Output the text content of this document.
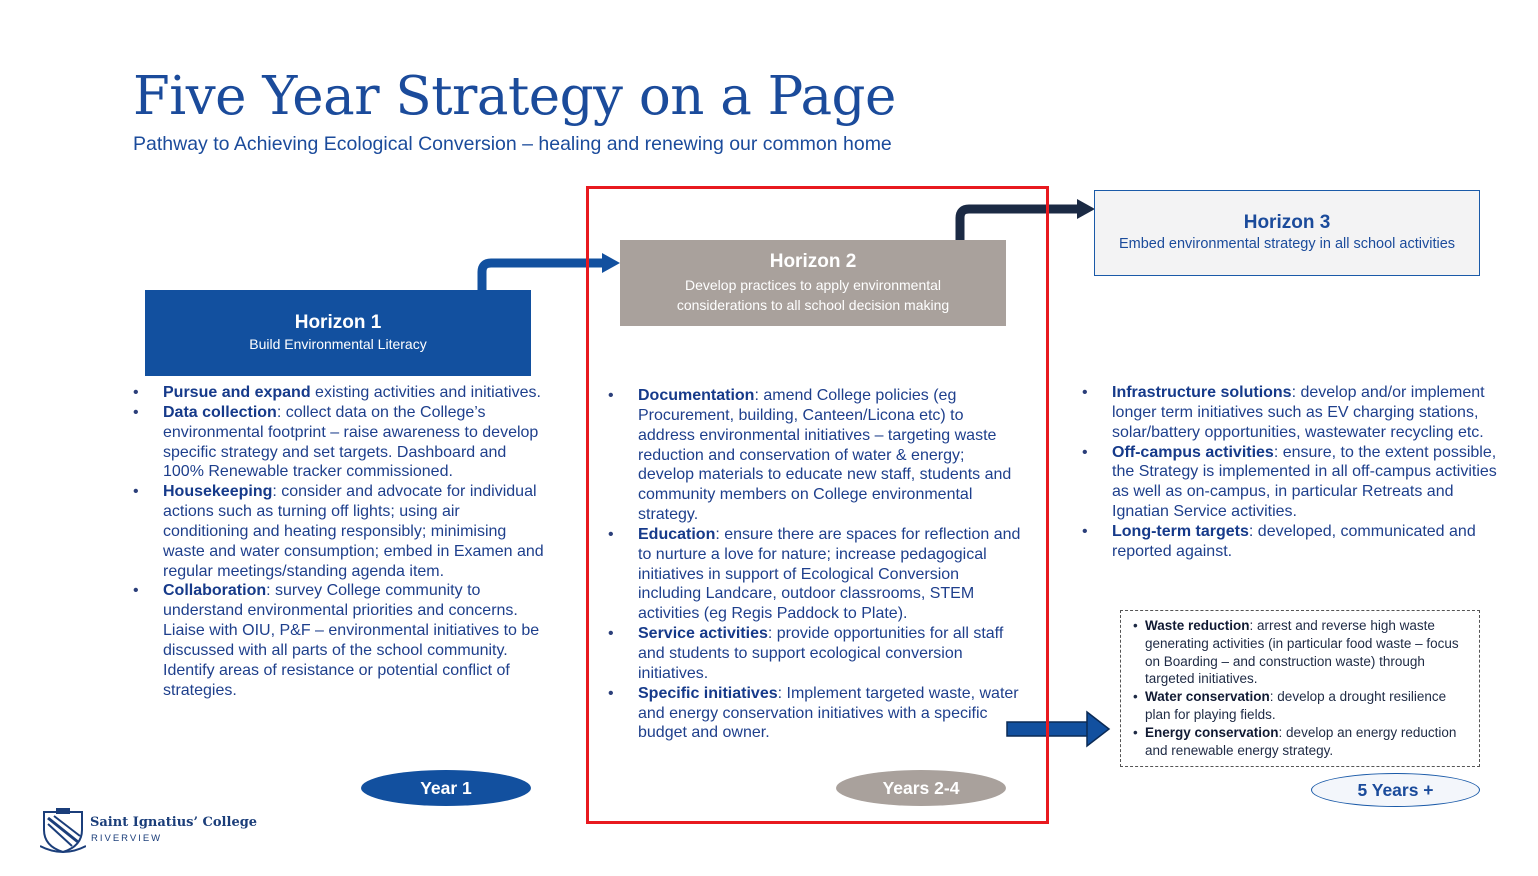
Five Year Strategy on a Page
Pathway to Achieving Ecological Conversion – healing and renewing our common home
Horizon 1
Build Environmental Literacy
Horizon 2
Develop practices to apply environmental
considerations to all school decision making
Horizon 3
Embed environmental strategy in all school activities
• Pursue and expand existing activities and initiatives.
• Data collection: collect data on the College’s environmental footprint – raise awareness to develop specific strategy and set targets. Dashboard and 100% Renewable tracker commissioned.
• Housekeeping: consider and advocate for individual actions such as turning off lights; using air conditioning and heating responsibly; minimising waste and water consumption; embed in Examen and regular meetings/standing agenda item.
• Collaboration: survey College community to understand environmental priorities and concerns. Liaise with OIU, P&F – environmental initiatives to be discussed with all parts of the school community. Identify areas of resistance or potential conflict of strategies.
• Documentation: amend College policies (eg Procurement, building, Canteen/Licona etc) to address environmental initiatives – targeting waste reduction and conservation of water & energy; develop materials to educate new staff, students and community members on College environmental strategy.
• Education: ensure there are spaces for reflection and to nurture a love for nature; increase pedagogical initiatives in support of Ecological Conversion including Landcare, outdoor classrooms, STEM activities (eg Regis Paddock to Plate).
• Service activities: provide opportunities for all staff and students to support ecological conversion initiatives.
• Specific initiatives: Implement targeted waste, water and energy conservation initiatives with a specific budget and owner.
• Infrastructure solutions: develop and/or implement longer term initiatives such as EV charging stations, solar/battery opportunities, wastewater recycling etc.
• Off-campus activities: ensure, to the extent possible, the Strategy is implemented in all off-campus activities as well as on-campus, in particular Retreats and Ignatian Service activities.
• Long-term targets: developed, communicated and reported against.
• Waste reduction: arrest and reverse high waste generating activities (in particular food waste – focus on Boarding – and construction waste) through targeted initiatives.
• Water conservation: develop a drought resilience plan for playing fields.
• Energy conservation: develop an energy reduction and renewable energy strategy.
Year 1	Years 2-4	5 Years +
Saint Ignatius’ College
RIVERVIEW
